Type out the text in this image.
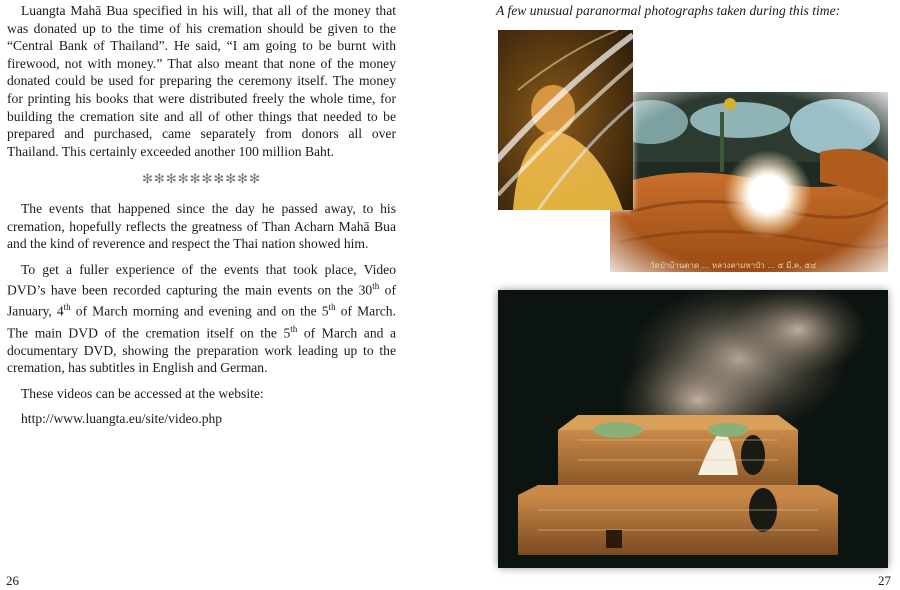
Luangta Mahā Bua specified in his will, that all of the money that was donated up to the time of his cremation should be given to the “Central Bank of Thailand”. He said, “I am going to be burnt with firewood, not with money.” That also meant that none of the money donated could be used for preparing the ceremony itself. The money for printing his books that were distributed freely the whole time, for building the cremation site and all of other things that needed to be prepared and purchased, came separately from donors all over Thailand. This certainly exceeded another 100 million Baht.

✻✻✻✻✻✻✻✻✻✻

The events that happened since the day he passed away, to his cremation, hopefully reflects the greatness of Than Acharn Mahā Bua and the kind of reverence and respect the Thai nation showed him.

To get a fuller experience of the events that took place, Video DVD’s have been recorded capturing the main events on the 30th of January, 4th of March morning and evening and on the 5th of March. The main DVD of the cremation itself on the 5th of March and a documentary DVD, showing the preparation work leading up to the cremation, has subtitles in English and German.

These videos can be accessed at the website:

http://www.luangta.eu/site/video.php

26
A few unusual paranormal photographs taken during this time:
วัดป่าบ้านตาด ... หลวงตามหาบัว ... ๕ มี.ค. ๕๔
27
